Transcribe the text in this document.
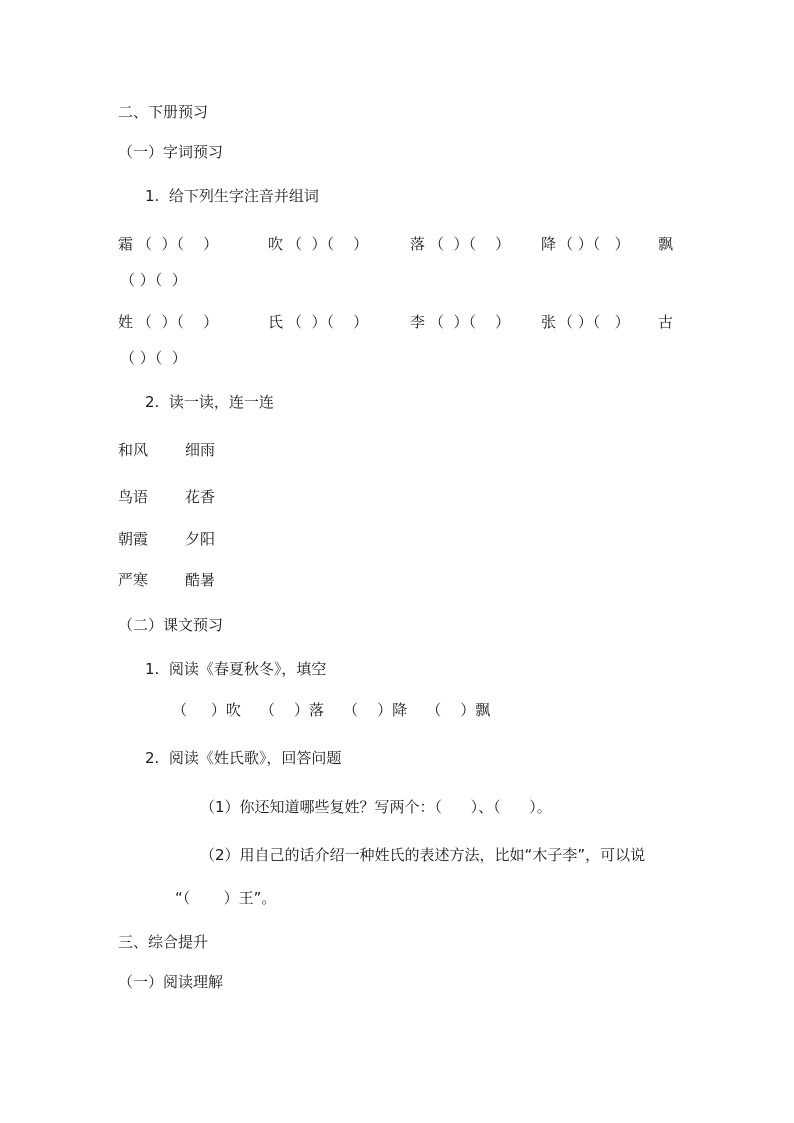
二、下册预习
（一）字词预习
1.  给下列生字注音并组词
霜 （  ）（    ）	吹 （  ）（    ）	落 （  ）（    ） 降 （ ）（   ） 飘
（ ）（  ）
姓 （  ）（    ）	氏 （  ）（    ）	李 （  ）（    ） 张 （ ）（   ） 古
（ ）（  ）
2.  读一读，连一连
和风 细雨
鸟语 花香
朝霞 夕阳
严寒 酷暑
（二）课文预习
1.  阅读《春夏秋冬》，填空
（     ）吹    （    ）落    （    ）降    （    ）飘
2.  阅读《姓氏歌》，回答问题
（1）你还知道哪些复姓？写两个：（      ）、（      ）。
（2）用自己的话介绍一种姓氏的表述方法，比如“木子李”，可以说
“（       ）王”。
三、综合提升
（一）阅读理解
